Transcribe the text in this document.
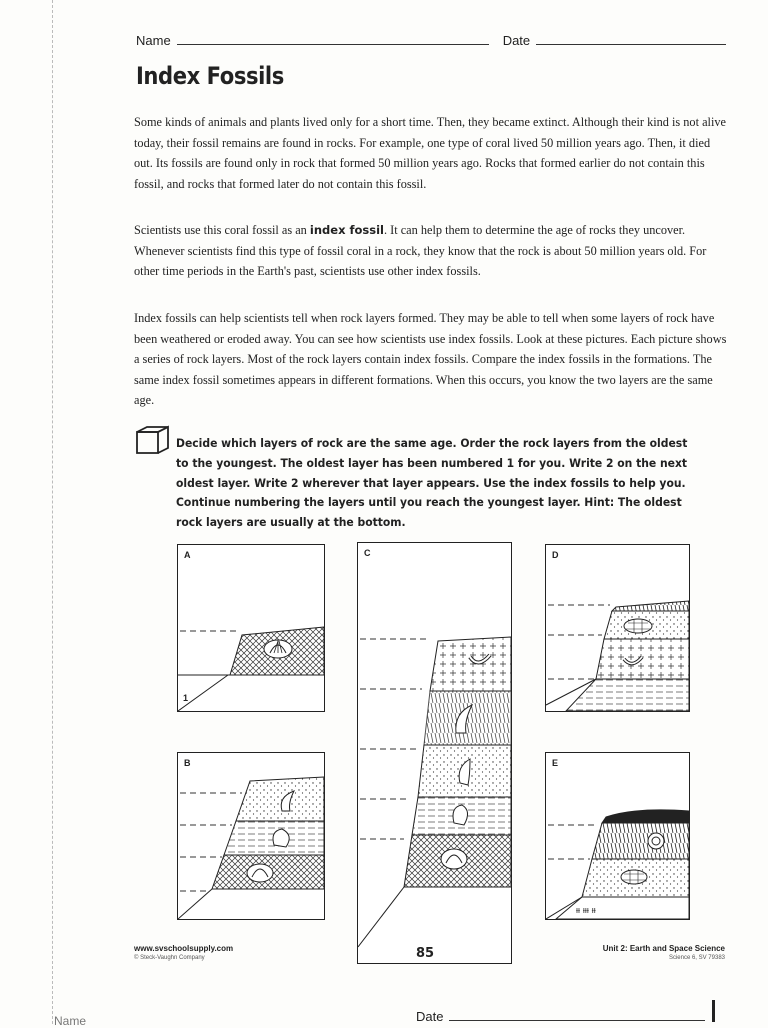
Name	Date
Index Fossils
Some kinds of animals and plants lived only for a short time. Then, they became extinct. Although their kind is not alive today, their fossil remains are found in rocks. For example, one type of coral lived 50 million years ago. Then, it died out. Its fossils are found only in rock that formed 50 million years ago. Rocks that formed earlier do not contain this fossil, and rocks that formed later do not contain this fossil.
Scientists use this coral fossil as an index fossil. It can help them to determine the age of rocks they uncover. Whenever scientists find this type of fossil coral in a rock, they know that the rock is about 50 million years old. For other time periods in the Earth's past, scientists use other index fossils.
Index fossils can help scientists tell when rock layers formed. They may be able to tell when some layers of rock have been weathered or eroded away. You can see how scientists use index fossils. Look at these pictures. Each picture shows a series of rock layers. Most of the rock layers contain index fossils. Compare the index fossils in the formations. The same index fossil sometimes appears in different formations. When this occurs, you know the two layers are the same age.
Decide which layers of rock are the same age. Order the rock layers from the oldest to the youngest. The oldest layer has been numbered 1 for you. Write 2 on the next oldest layer. Write 2 wherever that layer appears. Use the index fossils to help you. Continue numbering the layers until you reach the youngest layer. Hint: The oldest rock layers are usually at the bottom.
A
1
B
C	D
ᵼᵼ ᵼᵼᵼ ᵼᵼ
E
www.svschoolsupply.com
© Steck-Vaughn Company	85	Unit 2: Earth and Space Science
Science 6, SV 79383
Name	Date
